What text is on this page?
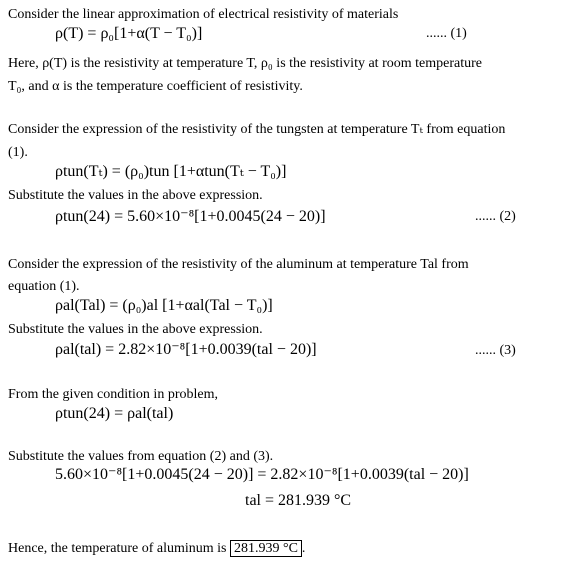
Consider the linear approximation of electrical resistivity of materials
ρ(T) = ρ₀[1+α(T − T₀)]	...... (1)
Here, ρ(T) is the resistivity at temperature T, ρ₀ is the resistivity at room temperature
T₀, and α is the temperature coefficient of resistivity.
Consider the expression of the resistivity of the tungsten at temperature Tₜ from equation
(1).
ρtun(Tₜ) = (ρ₀)tun [1+αtun(Tₜ − T₀)]
Substitute the values in the above expression.
ρtun(24) = 5.60×10⁻⁸[1+0.0045(24 − 20)]	...... (2)
Consider the expression of the resistivity of the aluminum at temperature Tal from
equation (1).
ρal(Tal) = (ρ₀)al [1+αal(Tal − T₀)]
Substitute the values in the above expression.
ρal(tal) = 2.82×10⁻⁸[1+0.0039(tal − 20)]	...... (3)
From the given condition in problem,
ρtun(24) = ρal(tal)
Substitute the values from equation (2) and (3).
5.60×10⁻⁸[1+0.0045(24 − 20)] = 2.82×10⁻⁸[1+0.0039(tal − 20)]
tal = 281.939 °C
Hence, the temperature of aluminum is 281.939 °C .
